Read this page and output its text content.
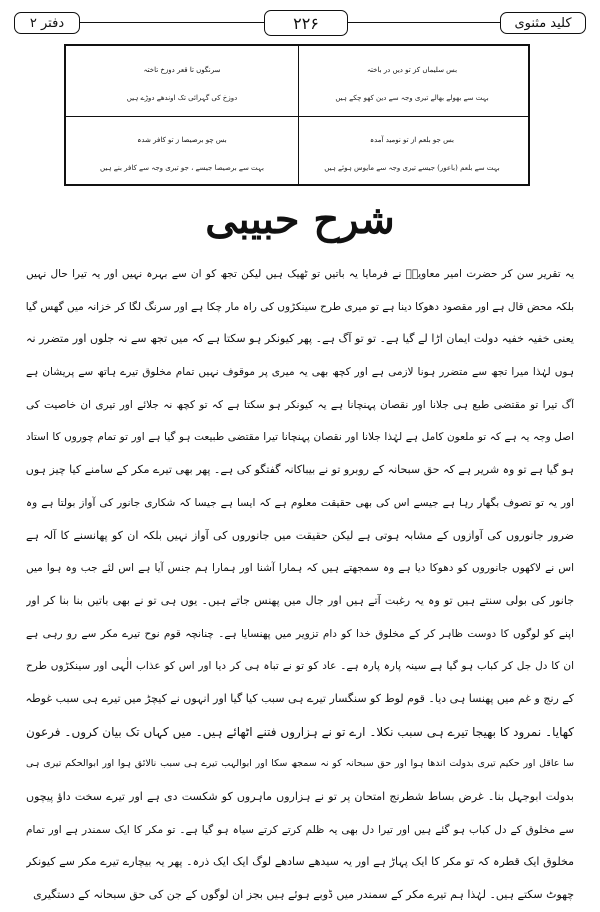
کلید مثنوی
۲۲۶
دفتر ۲
بس سلیماں کز تو دیں در باختہ
بہت سے بھولے بھالے تیری وجہ سے دین کھو چکے ہیں
سرنگوں تا قعر دوزخ تاختہ
دوزخ کی گہرائی تک اوندھے دوڑے ہیں
بس جو بلعم از تو نومید آمدہ
بہت سے بلعم (باعور) جیسے تیری وجہ سے مایوس ہوئے ہیں
بس چو برصیصا ز تو کافر شدہ
بہت سے برصیصا جیسے ، جو تیری وجہ سے کافر بنے ہیں
شرح حبیبی
یہ تقریر سن کر حضرت امیر معاویہؓ نے فرمایا یہ باتیں تو ٹھیک ہیں لیکن تجھ کو ان سے بہرہ نہیں اور یہ تیرا حال نہیں
بلکہ محض قال ہے اور مقصود دھوکا دینا ہے تو میری طرح سینکڑوں کی راہ مار چکا ہے اور سرنگ لگا کر خزانہ میں گھس گیا
یعنی خفیہ خفیہ دولت ایمان اڑا لے گیا ہے۔ تو تو آگ ہے۔ پھر کیونکر ہو سکتا ہے کہ میں تجھ سے نہ جلوں اور متضرر نہ
ہوں لہٰذا میرا تجھ سے متضرر ہونا لازمی ہے اور کچھ بھی یہ میری پر موقوف نہیں تمام مخلوق تیرے ہاتھ سے پریشان ہے
آگ تیرا تو مقتضی طبع ہی جلانا اور نقصان پہنچانا ہے یہ کیونکر ہو سکتا ہے کہ تو کچھ نہ جلائے اور تیری ان خاصیت کی
اصل وجہ یہ ہے کہ تو ملعون کامل ہے لہٰذا جلانا اور نقصان پہنچانا تیرا مقتضی طبیعت ہو گیا ہے اور تو تمام چوروں کا استاد
ہو گیا ہے تو وہ شریر ہے کہ حق سبحانہ کے روبرو تو نے بیباکانہ گفتگو کی ہے۔ پھر بھی تیرے مکر کے سامنے کیا چیز ہوں
اور یہ تو تصوف بگھار رہا ہے جیسے اس کی بھی حقیقت معلوم ہے کہ ایسا ہے جیسا کہ شکاری جانور کی آواز بولتا ہے وہ
ضرور جانوروں کی آوازوں کے مشابہ ہوتی ہے لیکن حقیقت میں جانوروں کی آواز نہیں بلکہ ان کو پھانسنے کا آلہ ہے
اس نے لاکھوں جانوروں کو دھوکا دیا ہے وہ سمجھتے ہیں کہ ہمارا آشنا اور ہمارا ہم جنس آیا ہے اس لئے جب وہ ہوا میں
جانور کی بولی سنتے ہیں تو وہ یہ رغبت آتے ہیں اور جال میں پھنس جاتے ہیں۔ یوں ہی تو نے بھی باتیں بنا بنا کر اور
اپنے کو لوگوں کا دوست ظاہر کر کے مخلوق خدا کو دام تزویر میں پھنسایا ہے۔ چنانچہ قوم نوح تیرے مکر سے رو رہی ہے
ان کا دل جل کر کباب ہو گیا ہے سینہ پارہ پارہ ہے۔ عاد کو تو نے تباہ ہی کر دیا اور اس کو عذاب الٰہی اور سینکڑوں طرح
کے رنج و غم میں پھنسا ہی دیا۔ قوم لوط کو سنگسار تیرے ہی سبب کیا گیا اور انہوں نے کیچڑ میں تیرے ہی سبب غوطہ
کھایا۔ نمرود کا بھیجا تیرے ہی سبب نکلا۔ ارے تو نے ہزاروں فتنے اٹھائے ہیں۔ میں کہاں تک بیان کروں۔ فرعون
سا عاقل اور حکیم تیری بدولت اندھا ہوا اور حق سبحانہ کو نہ سمجھ سکا اور ابوالہب تیرے ہی سبب نالائق ہوا اور ابوالحکم تیری ہی
بدولت ابوجہل بنا۔ غرض بساط شطرنج امتحان پر تو نے ہزاروں ماہروں کو شکست دی ہے اور تیرے سخت داؤ پیچوں
سے مخلوق کے دل کباب ہو گئے ہیں اور تیرا دل بھی یہ ظلم کرتے کرتے سیاہ ہو گیا ہے۔ تو مکر کا ایک سمندر ہے اور تمام
مخلوق ایک قطرہ کہ تو مکر کا ایک پہاڑ ہے اور یہ سیدھے سادھے لوگ ایک ایک ذرہ۔ پھر یہ بیچارے تیرے مکر سے کیونکر
چھوٹ سکتے ہیں۔ لہٰذا ہم تیرے مکر کے سمندر میں ڈوبے ہوئے ہیں بجز ان لوگوں کے جن کی حق سبحانہ کے دستگیری
